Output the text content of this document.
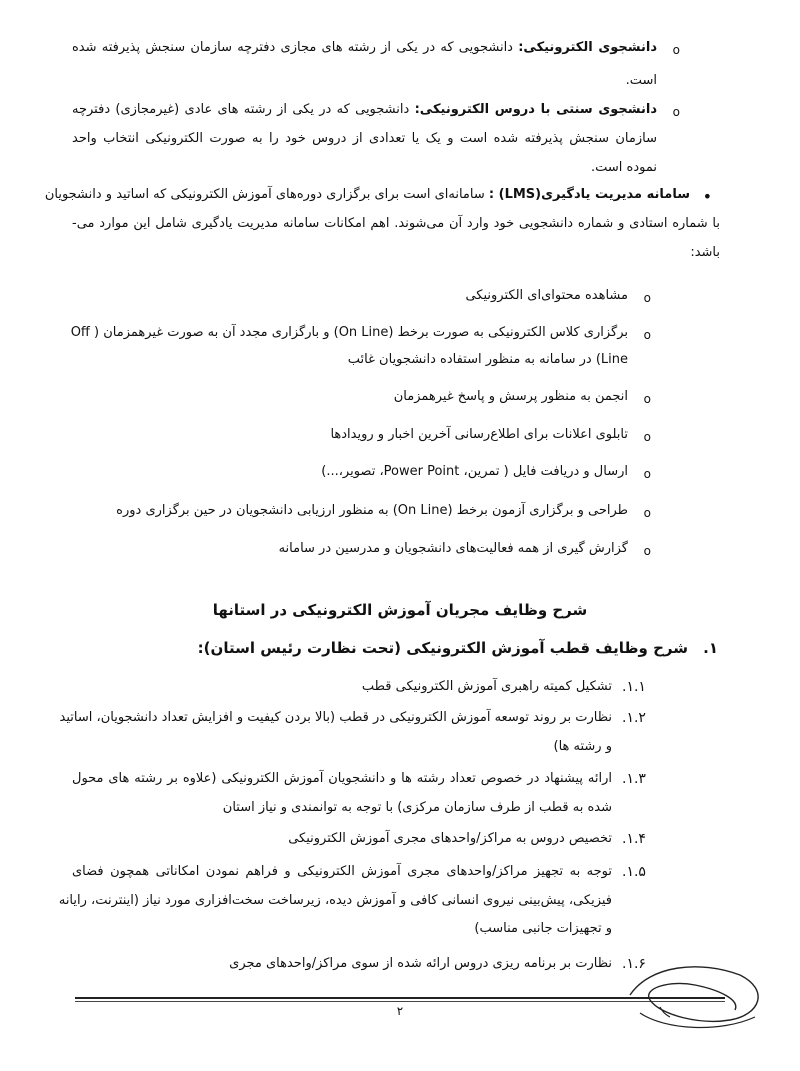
o
دانشجوی الکترونیکی: دانشجویی که در یکی از رشته های مجازی دفترچه سازمان سنجش پذیرفته شده
است.
o
دانشجوی سنتی با دروس الکترونیکی: دانشجویی که در یکی از رشته های عادی (غیرمجازی) دفترچه
سازمان سنجش پذیرفته شده است و یک یا تعدادی از دروس خود را به صورت الکترونیکی انتخاب واحد
نموده است.
•
سامانه مدیریت یادگیری(LMS) : سامانه‌ای است برای برگزاری دوره‌های آموزش الکترونیکی که اساتید و دانشجویان
با شماره استادی و شماره دانشجویی خود وارد آن می‌شوند. اهم امکانات سامانه مدیریت یادگیری شامل این موارد می-
باشد:
o
مشاهده محتوای‌ای الکترونیکی
o
برگزاری کلاس الکترونیکی به صورت برخط (On Line) و بارگزاری مجدد آن به صورت غیرهمزمان ( Off
Line) در سامانه به منظور استفاده دانشجویان غائب
o
انجمن به منظور پرسش و پاسخ غیرهمزمان
o
تابلوی اعلانات برای اطلاع‌رسانی آخرین اخبار و رویدادها
o
ارسال و دریافت فایل ( تمرین، Power Point، تصویر،...)
o
طراحی و برگزاری آزمون برخط (On Line) به منظور ارزیابی دانشجویان در حین برگزاری دوره
o
گزارش گیری از همه فعالیت‌های دانشجویان و مدرسین در سامانه
شرح وظایف مجریان آموزش الکترونیکی در استانها
.۱
شرح وظایف قطب آموزش الکترونیکی (تحت نظارت رئیس استان):
.۱.۱
تشکیل کمیته راهبری آموزش الکترونیکی قطب
.۱.۲
نظارت بر روند توسعه آموزش الکترونیکی در قطب (بالا بردن کیفیت و افزایش تعداد دانشجویان، اساتید
و رشته ها)
.۱.۳
ارائه پیشنهاد در خصوص تعداد رشته ها و دانشجویان آموزش الکترونیکی (علاوه بر رشته های محول
شده به قطب از طرف سازمان مرکزی) با توجه به توانمندی و نیاز استان
.۱.۴
تخصیص دروس به مراکز/واحدهای مجری آموزش الکترونیکی
.۱.۵
توجه به تجهیز مراکز/واحدهای مجری آموزش الکترونیکی و فراهم نمودن امکاناتی همچون فضای
فیزیکی، پیش‌بینی نیروی انسانی کافی و آموزش دیده، زیرساخت سخت‌افزاری مورد نیاز (اینترنت، رایانه
و تجهیزات جانبی مناسب)
.۱.۶
نظارت بر برنامه ریزی دروس ارائه شده از سوی مراکز/واحدهای مجری
۲
